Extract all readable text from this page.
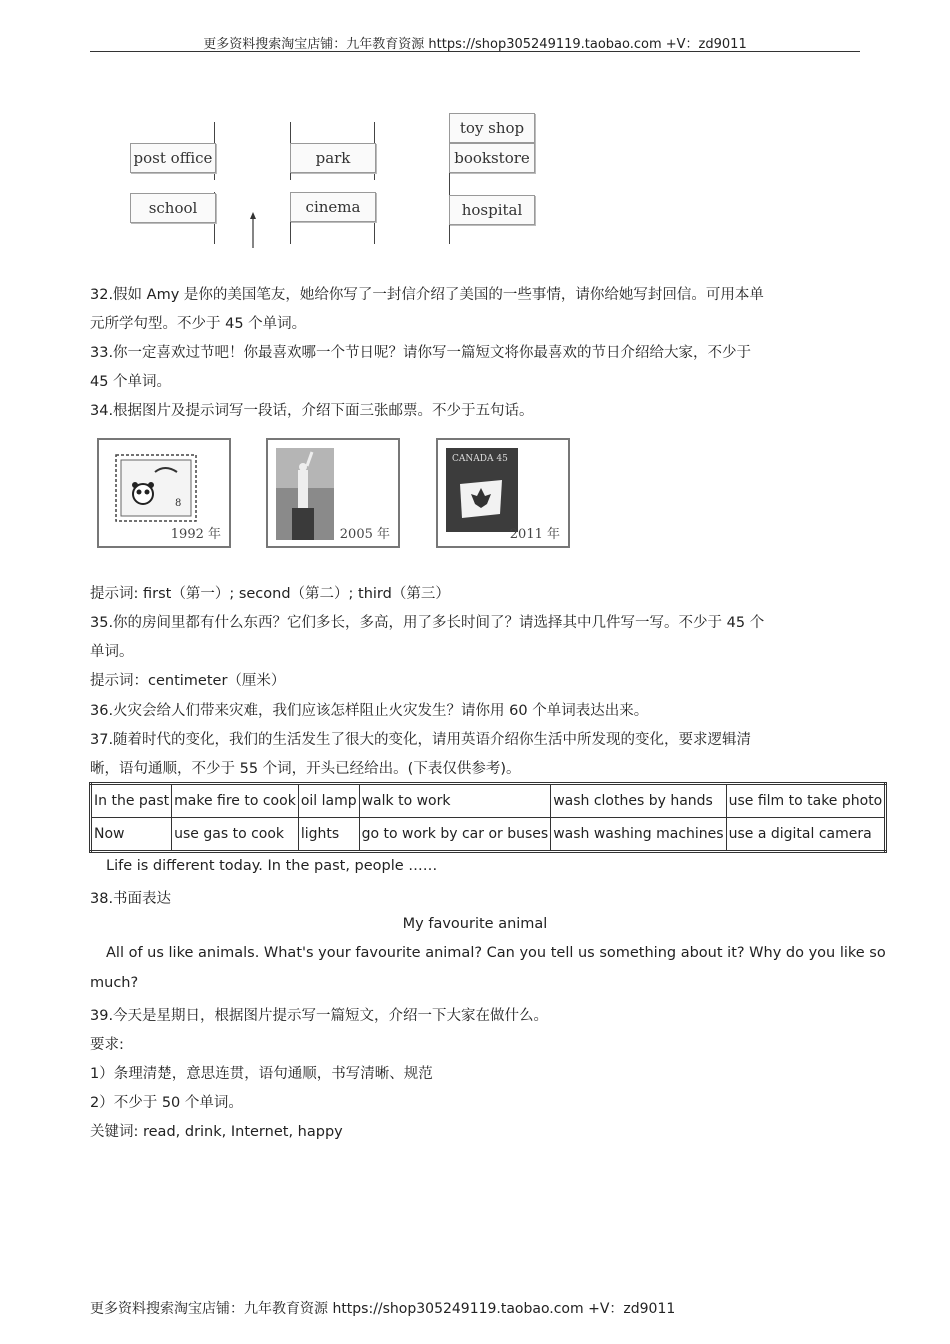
更多资料搜索淘宝店铺：九年教育资源 https://shop305249119.taobao.com +V：zd9011
post office	park
toy shop
bookstore
school	cinema	hospital
32.假如 Amy 是你的美国笔友，她给你写了一封信介绍了美国的一些事情，请你给她写封回信。可用本单
元所学句型。不少于 45 个单词。
33.你一定喜欢过节吧！你最喜欢哪一个节日呢？请你写一篇短文将你最喜欢的节日介绍给大家，不少于
45 个单词。
34.根据图片及提示词写一段话，介绍下面三张邮票。不少于五句话。
8
1992 年	2005 年
CANADA 45
2011 年
提示词: first（第一）; second（第二）; third（第三）
35.你的房间里都有什么东西？它们多长，多高，用了多长时间了？请选择其中几件写一写。不少于 45 个
单词。
提示词：centimeter（厘米）
36.火灾会给人们带来灾难，我们应该怎样阻止火灾发生？请你用 60 个单词表达出来。
37.随着时代的变化，我们的生活发生了很大的变化，请用英语介绍你生活中所发现的变化，要求逻辑清
晰，语句通顺，不少于 55 个词，开头已经给出。(下表仅供参考)。
In the past	make fire to cook	oil lamp	walk to work	wash clothes by hands	use film to take photo
Now	use gas to cook	lights	go to work by car or buses	wash washing machines	use a digital camera
Life is different today. In the past, people ……
38.书面表达
My favourite animal
All of us like animals. What's your favourite animal? Can you tell us something about it? Why do you like so
much?
39.今天是星期日，根据图片提示写一篇短文，介绍一下大家在做什么。
要求:
1）条理清楚，意思连贯，语句通顺，书写清晰、规范
2）不少于 50 个单词。
关键词: read, drink, Internet, happy
更多资料搜索淘宝店铺：九年教育资源 https://shop305249119.taobao.com +V：zd9011
